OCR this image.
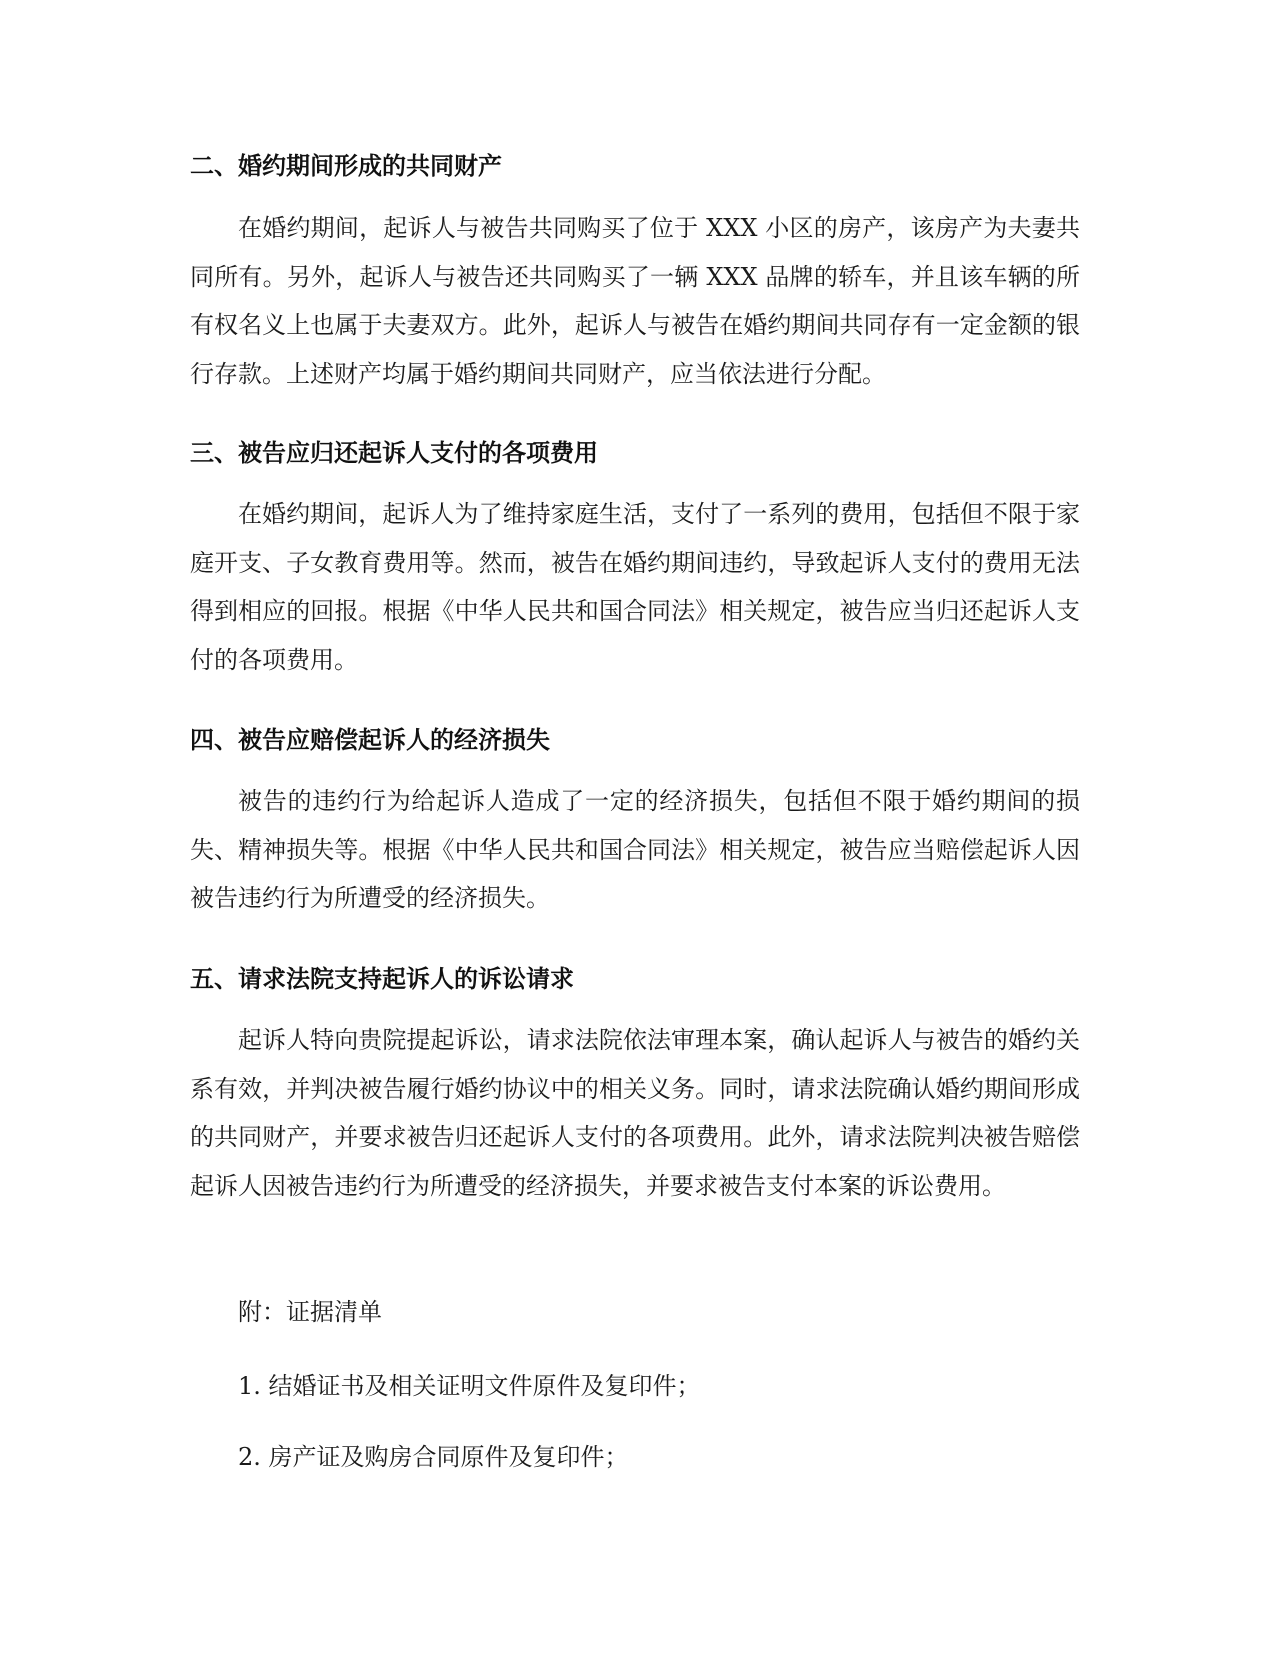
二、婚约期间形成的共同财产

在婚约期间，起诉人与被告共同购买了位于 XXX 小区的房产，该房产为夫妻共同所有。另外，起诉人与被告还共同购买了一辆 XXX 品牌的轿车，并且该车辆的所有权名义上也属于夫妻双方。此外，起诉人与被告在婚约期间共同存有一定金额的银行存款。上述财产均属于婚约期间共同财产，应当依法进行分配。

三、被告应归还起诉人支付的各项费用

在婚约期间，起诉人为了维持家庭生活，支付了一系列的费用，包括但不限于家庭开支、子女教育费用等。然而，被告在婚约期间违约，导致起诉人支付的费用无法得到相应的回报。根据《中华人民共和国合同法》相关规定，被告应当归还起诉人支付的各项费用。

四、被告应赔偿起诉人的经济损失

被告的违约行为给起诉人造成了一定的经济损失，包括但不限于婚约期间的损失、精神损失等。根据《中华人民共和国合同法》相关规定，被告应当赔偿起诉人因被告违约行为所遭受的经济损失。

五、请求法院支持起诉人的诉讼请求

起诉人特向贵院提起诉讼，请求法院依法审理本案，确认起诉人与被告的婚约关系有效，并判决被告履行婚约协议中的相关义务。同时，请求法院确认婚约期间形成的共同财产，并要求被告归还起诉人支付的各项费用。此外，请求法院判决被告赔偿起诉人因被告违约行为所遭受的经济损失，并要求被告支付本案的诉讼费用。

附：证据清单

1. 结婚证书及相关证明文件原件及复印件；

2. 房产证及购房合同原件及复印件；
